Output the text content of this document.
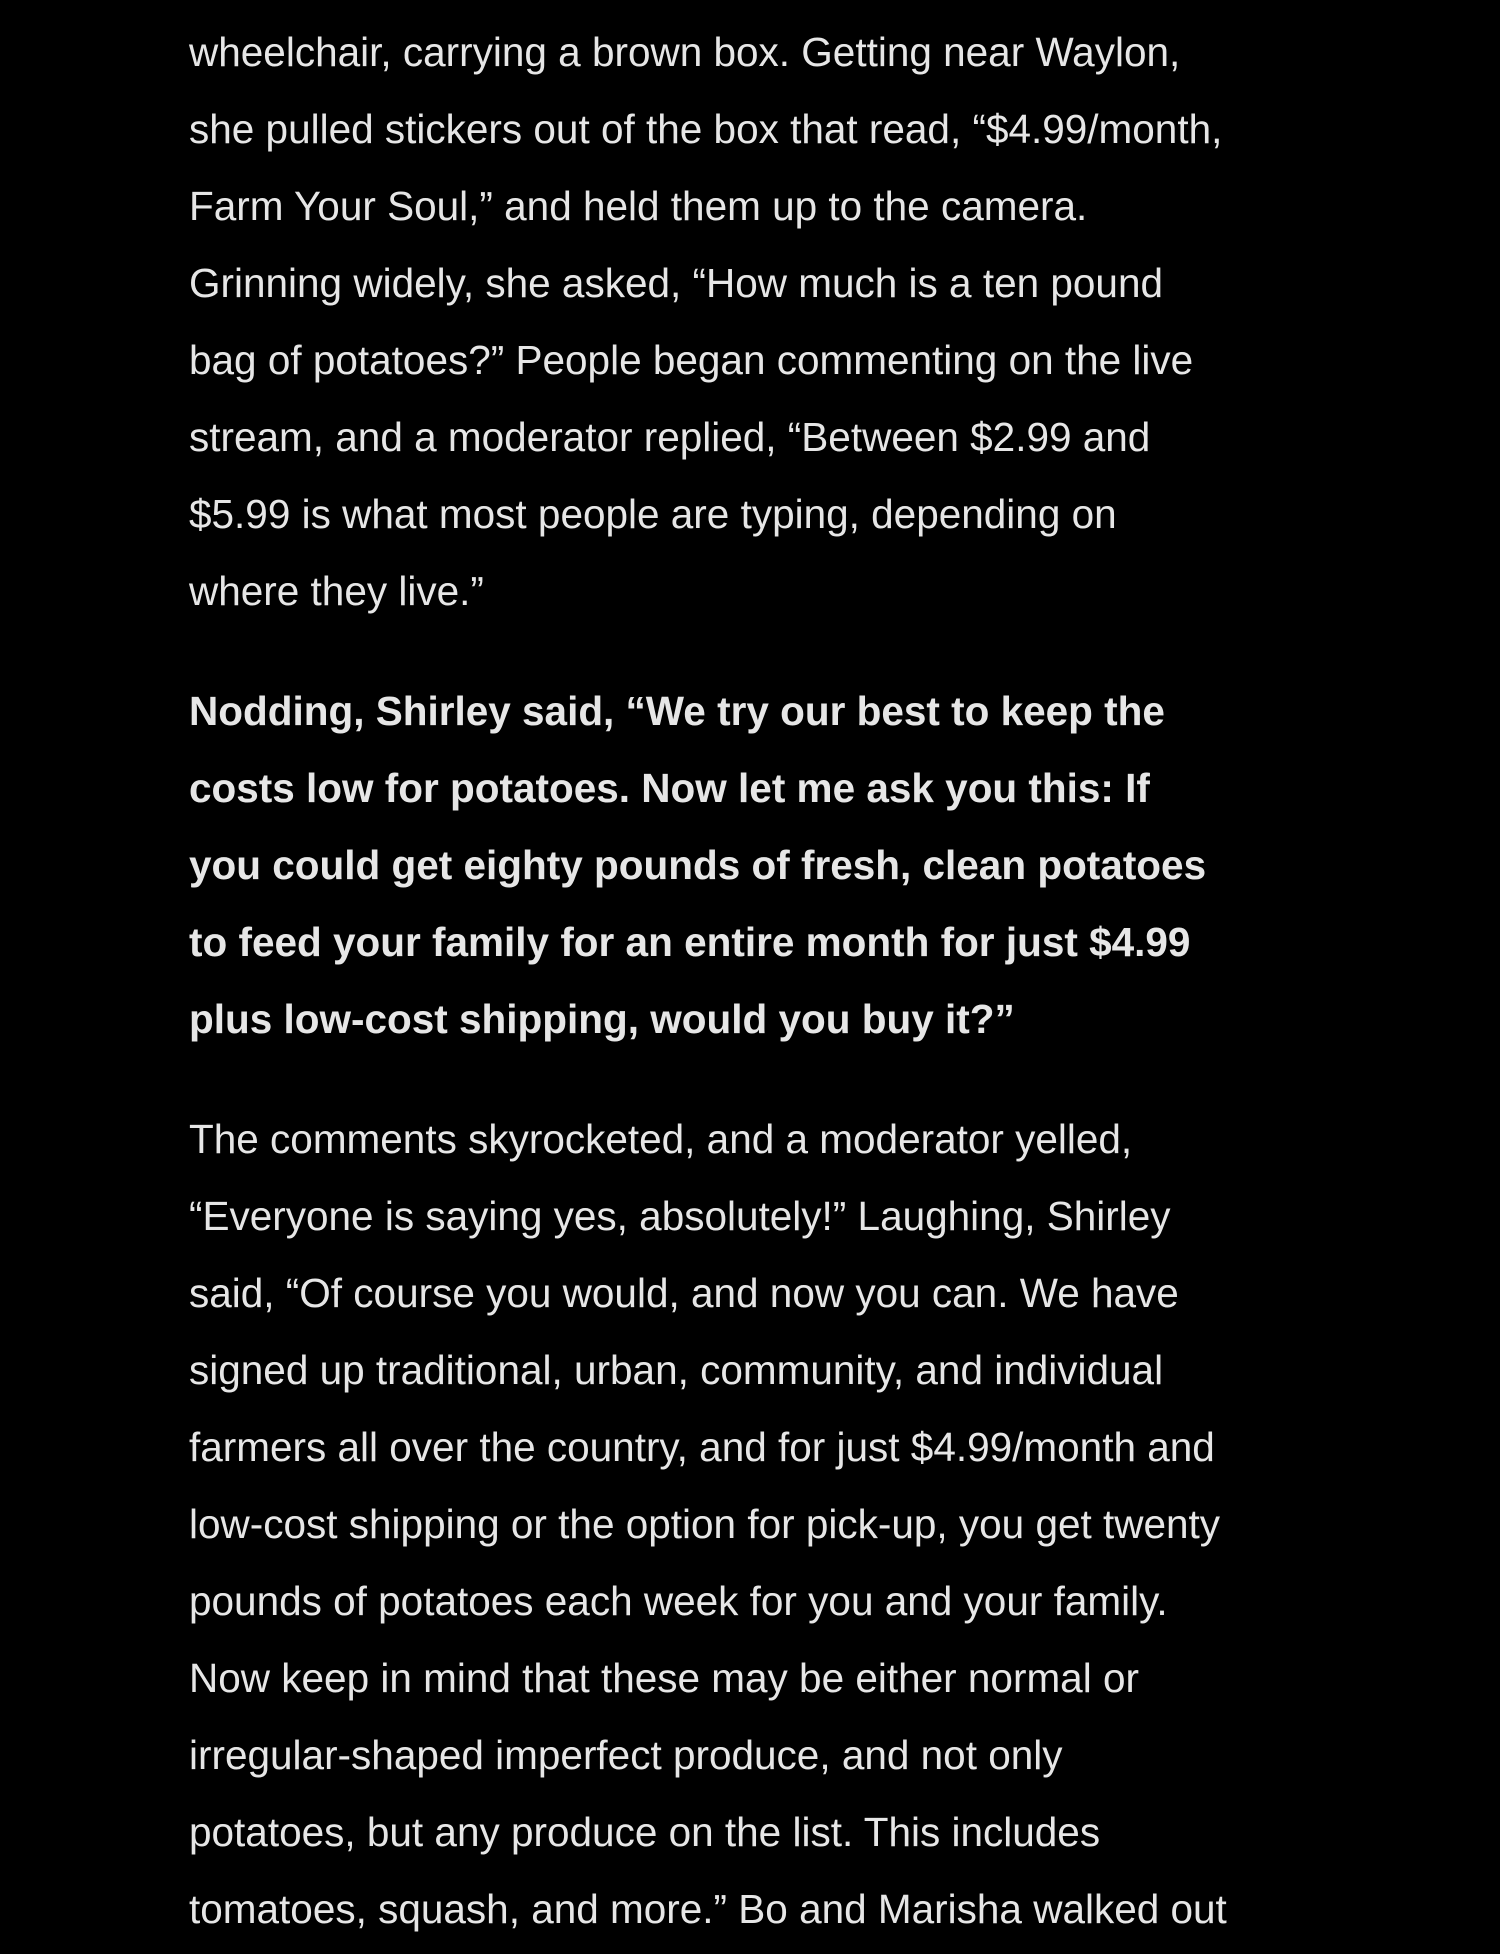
wheelchair, carrying a brown box. Getting near Waylon,
she pulled stickers out of the box that read, “$4.99/month,
Farm Your Soul,” and held them up to the camera.
Grinning widely, she asked, “How much is a ten pound
bag of potatoes?” People began commenting on the live
stream, and a moderator replied, “Between $2.99 and
$5.99 is what most people are typing, depending on
where they live.”

Nodding, Shirley said, “We try our best to keep the
costs low for potatoes. Now let me ask you this: If
you could get eighty pounds of fresh, clean potatoes
to feed your family for an entire month for just $4.99
plus low-cost shipping, would you buy it?”

The comments skyrocketed, and a moderator yelled,
“Everyone is saying yes, absolutely!” Laughing, Shirley
said, “Of course you would, and now you can. We have
signed up traditional, urban, community, and individual
farmers all over the country, and for just $4.99/month and
low-cost shipping or the option for pick-up, you get twenty
pounds of potatoes each week for you and your family.
Now keep in mind that these may be either normal or
irregular-shaped imperfect produce, and not only
potatoes, but any produce on the list. This includes
tomatoes, squash, and more.” Bo and Marisha walked out
